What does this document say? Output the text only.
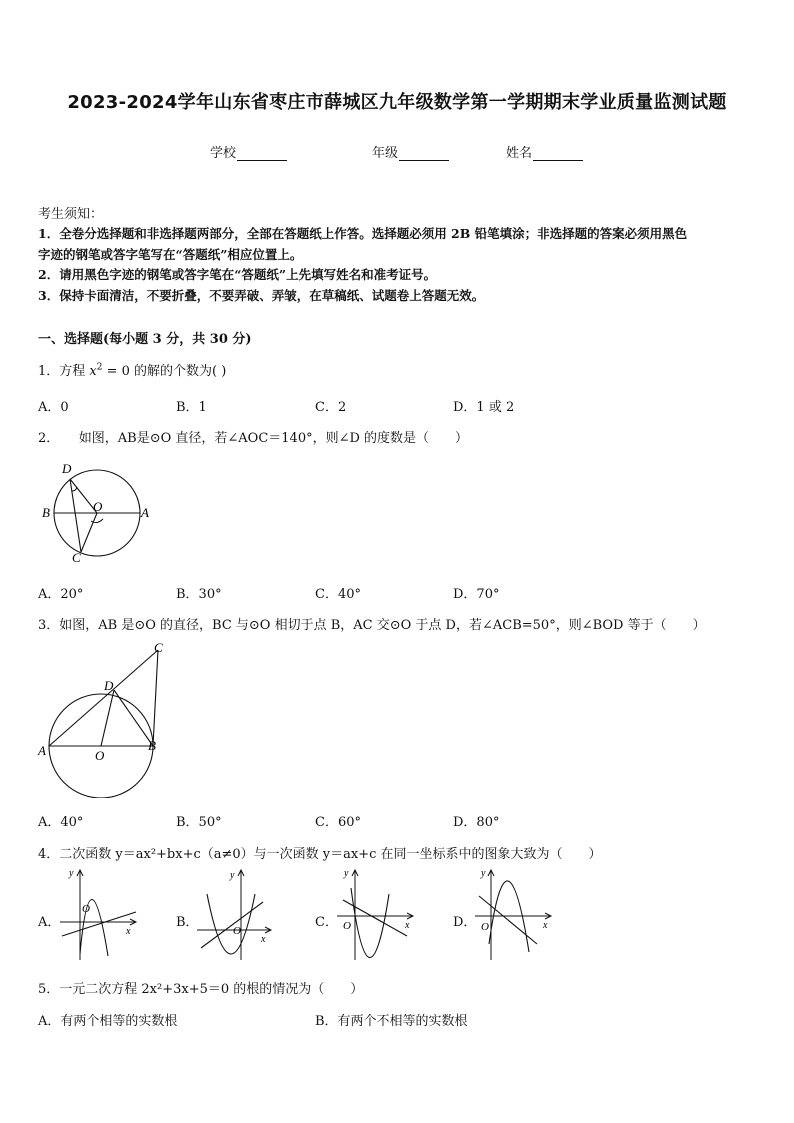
2023-2024学年山东省枣庄市薛城区九年级数学第一学期期末学业质量监测试题
学校	年级	姓名
考生须知：
1．全卷分选择题和非选择题两部分，全部在答题纸上作答。选择题必须用 2B 铅笔填涂；非选择题的答案必须用黑色
字迹的钢笔或答字笔写在“答题纸”相应位置上。
2．请用黑色字迹的钢笔或答字笔在“答题纸”上先填写姓名和准考证号。
3．保持卡面清洁，不要折叠，不要弄破、弄皱，在草稿纸、试题卷上答题无效。
一、选择题(每小题 3 分，共 30 分)
1．方程 $x^2 = 0$ 的解的个数为( )
A．0	B．1	C．2	D．1 或 2
2．　　如图，AB是⊙O 直径，若∠AOC＝140°，则∠D 的度数是（　　）
D
B	O	A
C
A．20°	B．30°	C．40°	D．70°
3．如图，AB 是⊙O 的直径，BC 与⊙O 相切于点 B，AC 交⊙O 于点 D，若∠ACB=50°，则∠BOD 等于（　　）
C
D
A	O
B
A．40°	B．50°	C．60°	D．80°
4．二次函数 y＝ax²+bx+c（a≠0）与一次函数 y＝ax+c 在同一坐标系中的图象大致为（　　）
A．
y
x
O
B．
y
x
O
C．
y
x
O	D．
y
x
O
5．一元二次方程 2x²+3x+5＝0 的根的情况为（　　）
A．有两个相等的实数根	B．有两个不相等的实数根
